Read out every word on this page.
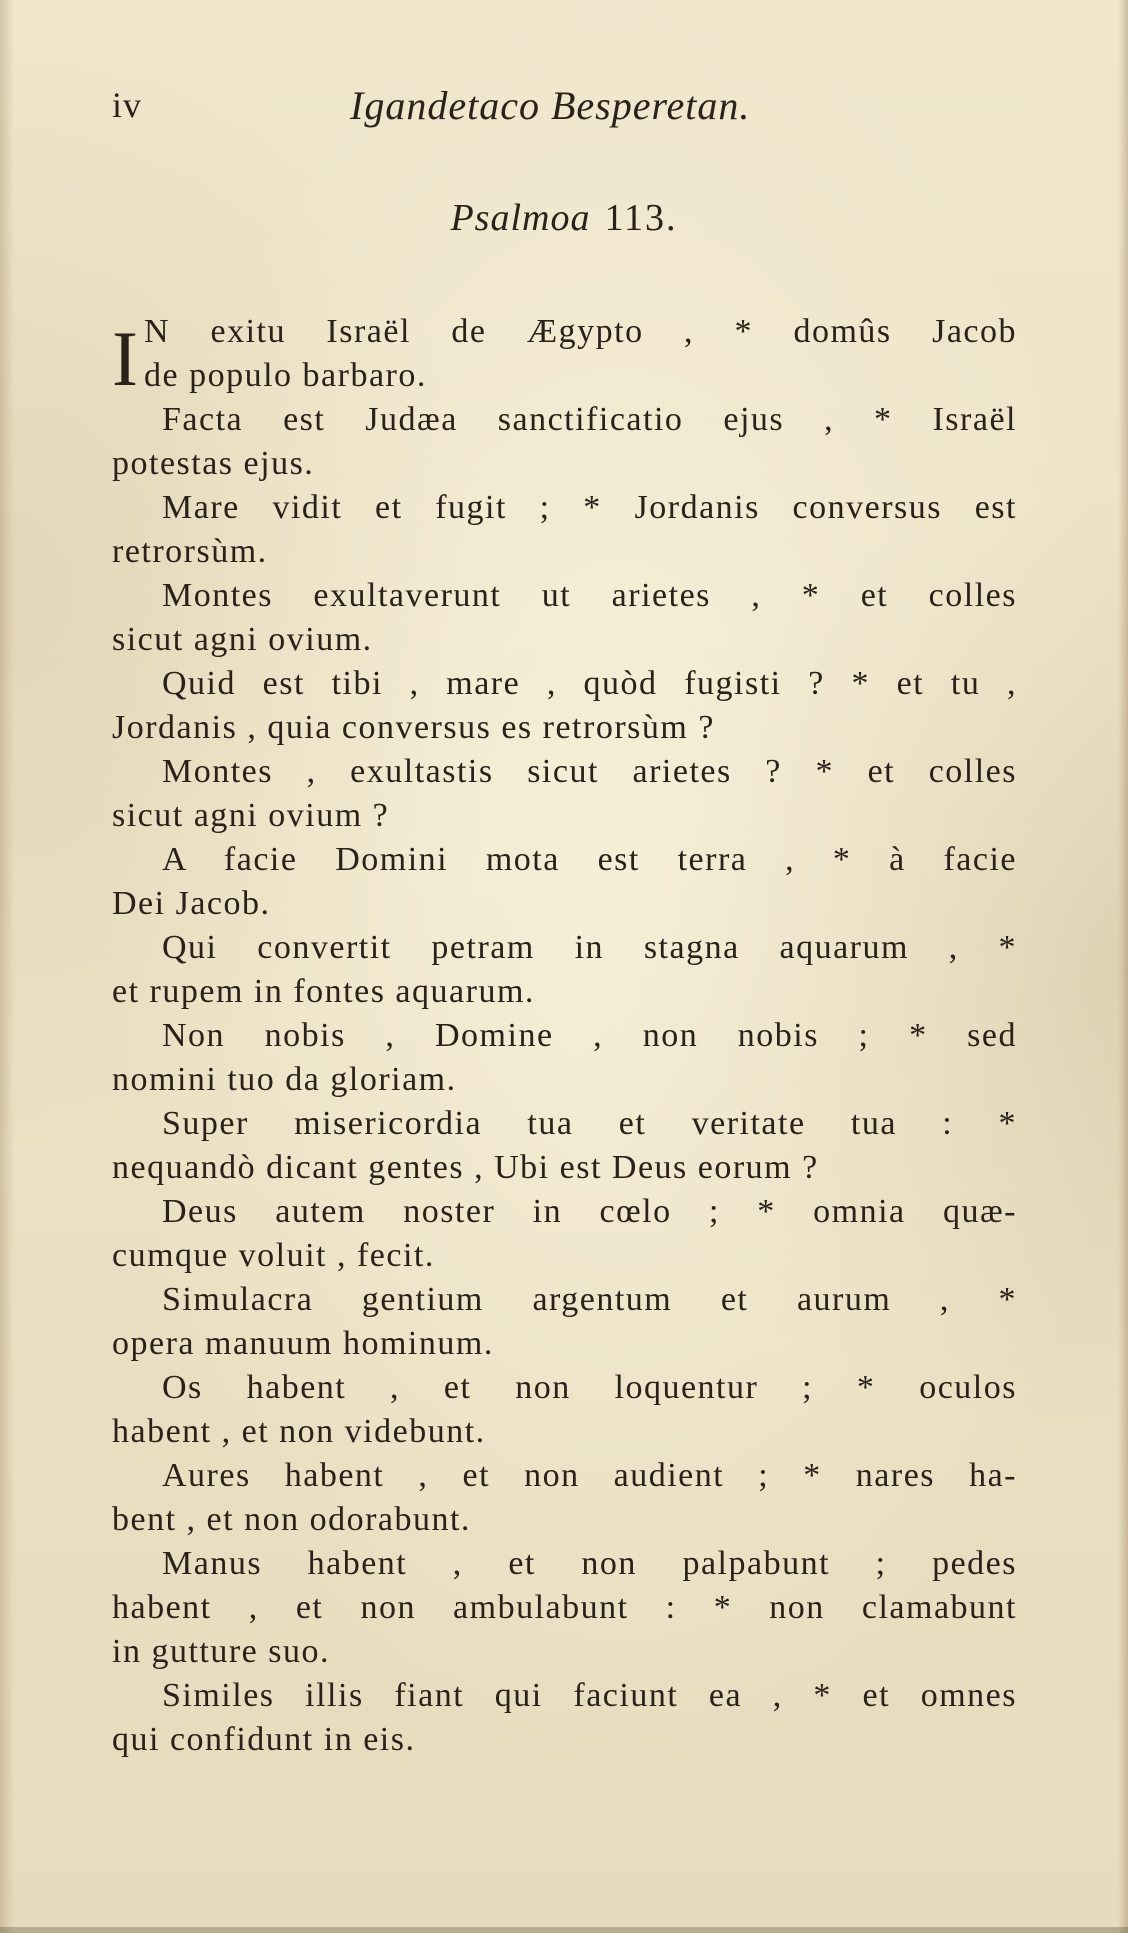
iv	Igandetaco Besperetan.
Psalmoa 113.
I N exitu Israël de Ægypto , * domûs Jacob
de populo barbaro.
Facta est Judæa sanctificatio ejus , * Israël
potestas ejus.
Mare vidit et fugit ; * Jordanis conversus est
retrorsùm.
Montes exultaverunt ut arietes , * et colles
sicut agni ovium.
Quid est tibi , mare , quòd fugisti ? * et tu ,
Jordanis , quia conversus es retrorsùm ?
Montes , exultastis sicut arietes ? * et colles
sicut agni ovium ?
A facie Domini mota est terra , * à facie
Dei Jacob.
Qui convertit petram in stagna aquarum , *
et rupem in fontes aquarum.
Non nobis , Domine , non nobis ; * sed
nomini tuo da gloriam.
Super misericordia tua et veritate tua : *
nequandò dicant gentes , Ubi est Deus eorum ?
Deus autem noster in cœlo ; * omnia quæ-
cumque voluit , fecit.
Simulacra gentium argentum et aurum , *
opera manuum hominum.
Os habent , et non loquentur ; * oculos
habent , et non videbunt.
Aures habent , et non audient ; * nares ha-
bent , et non odorabunt.
Manus habent , et non palpabunt ; pedes
habent , et non ambulabunt : * non clamabunt
in gutture suo.
Similes illis fiant qui faciunt ea , * et omnes
qui confidunt in eis.
